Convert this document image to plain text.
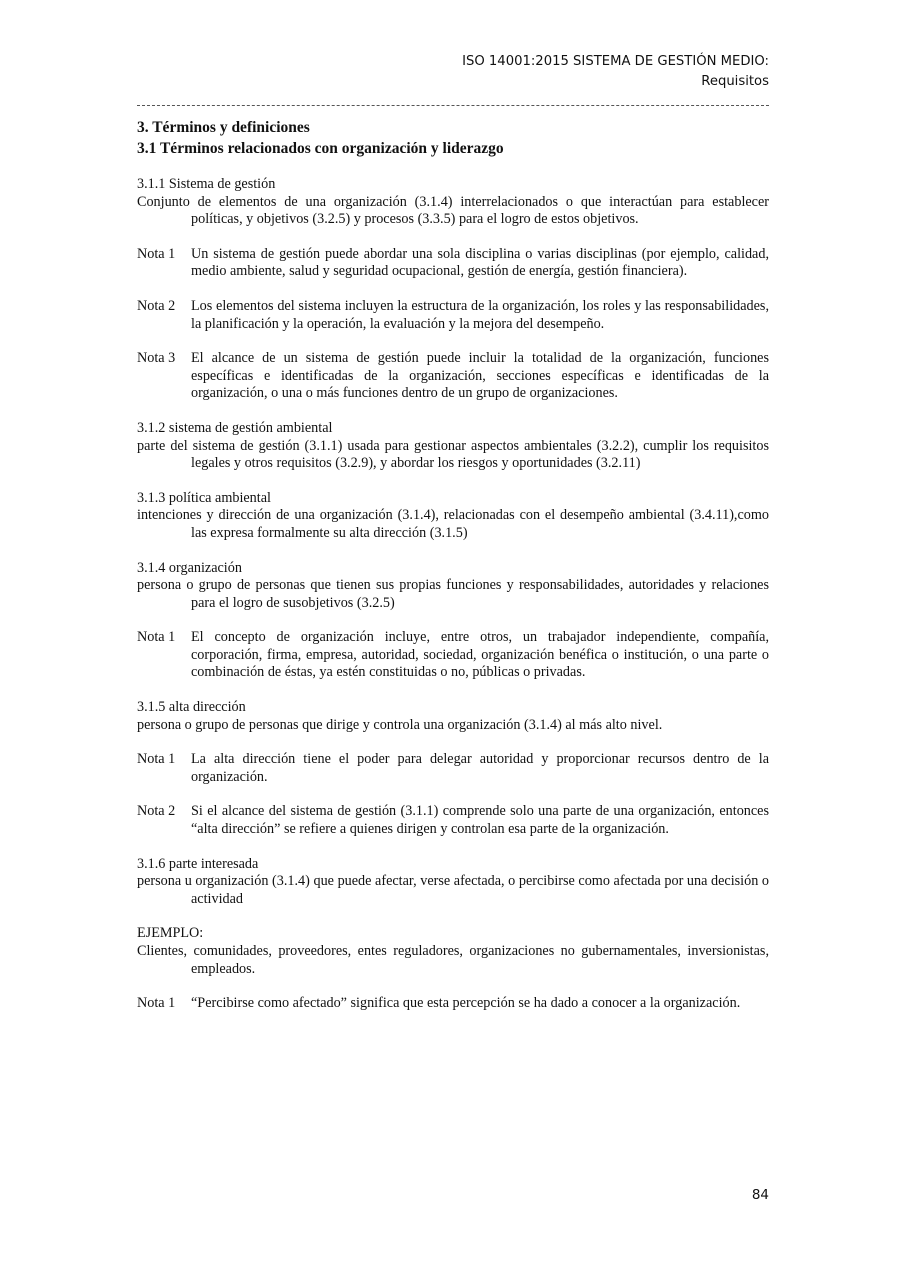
ISO 14001:2015 SISTEMA DE GESTIÓN MEDIO:
Requisitos

3. Términos y definiciones

3.1 Términos relacionados con organización y liderazgo

3.1.1 Sistema de gestión

Conjunto de elementos de una organización (3.1.4) interrelacionados o que interactúan para establecer políticas, y objetivos (3.2.5) y procesos (3.3.5) para el logro de estos objetivos.

Nota 1	Un sistema de gestión puede abordar una sola disciplina o varias disciplinas (por ejemplo, calidad, medio ambiente, salud y seguridad ocupacional, gestión de energía, gestión financiera).
Nota 2	Los elementos del sistema incluyen la estructura de la organización, los roles y las responsabilidades, la planificación y la operación, la evaluación y la mejora del desempeño.
Nota 3	El alcance de un sistema de gestión puede incluir la totalidad de la organización, funciones específicas e identificadas de la organización, secciones específicas e identificadas de la organización, o una o más funciones dentro de un grupo de organizaciones.
3.1.2 sistema de gestión ambiental

parte del sistema de gestión (3.1.1) usada para gestionar aspectos ambientales (3.2.2), cumplir los requisitos legales y otros requisitos (3.2.9), y abordar los riesgos y oportunidades (3.2.11)

3.1.3 política ambiental

intenciones y dirección de una organización (3.1.4), relacionadas con el desempeño ambiental (3.4.11),como las expresa formalmente su alta dirección (3.1.5)

3.1.4 organización

persona o grupo de personas que tienen sus propias funciones y responsabilidades, autoridades y relaciones para el logro de susobjetivos (3.2.5)

Nota 1	El concepto de organización incluye, entre otros, un trabajador independiente, compañía, corporación, firma, empresa, autoridad, sociedad, organización benéfica o institución, o una parte o combinación de éstas, ya estén constituidas o no, públicas o privadas.
3.1.5 alta dirección

persona o grupo de personas que dirige y controla una organización (3.1.4) al más alto nivel.

Nota 1	La alta dirección tiene el poder para delegar autoridad y proporcionar recursos dentro de la organización.
Nota 2	Si el alcance del sistema de gestión (3.1.1) comprende solo una parte de una organización, entonces “alta dirección” se refiere a quienes dirigen y controlan esa parte de la organización.
3.1.6 parte interesada

persona u organización (3.1.4) que puede afectar, verse afectada, o percibirse como afectada por una decisión o actividad

EJEMPLO:

Clientes, comunidades, proveedores, entes reguladores, organizaciones no gubernamentales, inversionistas, empleados.

Nota 1	“Percibirse como afectado” significa que esta percepción se ha dado a conocer a la organización.
84
